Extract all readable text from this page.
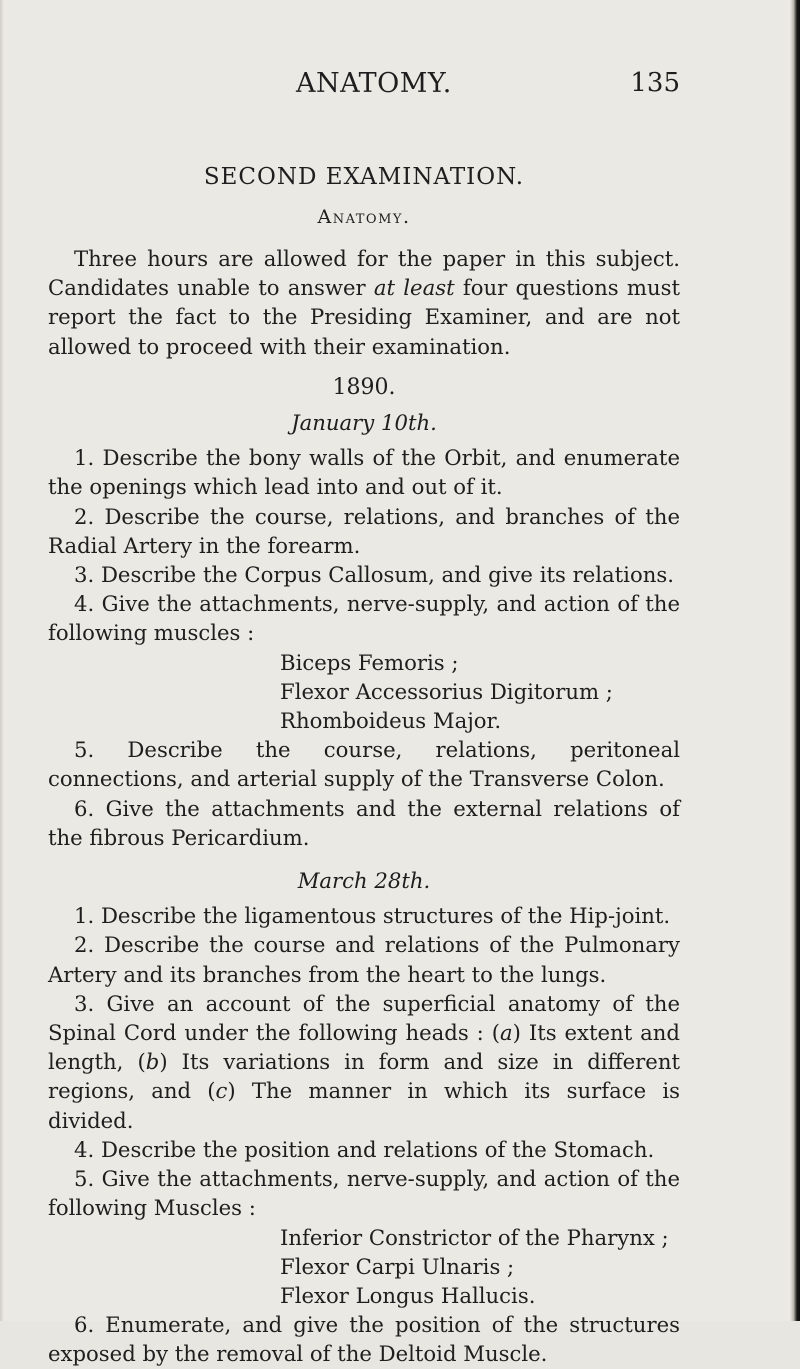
ANATOMY.	135

SECOND EXAMINATION.

Anatomy.

Three hours are allowed for the paper in this subject. Candidates unable to answer at least four questions must report the fact to the Presiding Examiner, and are not allowed to proceed with their examination.

1890.

January 10th.

1. Describe the bony walls of the Orbit, and enumerate the openings which lead into and out of it.

2. Describe the course, relations, and branches of the Radial Artery in the forearm.

3. Describe the Corpus Callosum, and give its relations.

4. Give the attachments, nerve-supply, and action of the following muscles :

Biceps Femoris ;

Flexor Accessorius Digitorum ;

Rhomboideus Major.

5. Describe the course, relations, peritoneal connections, and arterial supply of the Transverse Colon.

6. Give the attachments and the external relations of the fibrous Pericardium.

March 28th.

1. Describe the ligamentous structures of the Hip-joint.

2. Describe the course and relations of the Pulmonary Artery and its branches from the heart to the lungs.

3. Give an account of the superficial anatomy of the Spinal Cord under the following heads : (a) Its extent and length, (b) Its variations in form and size in different regions, and (c) The manner in which its surface is divided.

4. Describe the position and relations of the Stomach.

5. Give the attachments, nerve-supply, and action of the following Muscles :

Inferior Constrictor of the Pharynx ;

Flexor Carpi Ulnaris ;

Flexor Longus Hallucis.

6. Enumerate, and give the position of the structures exposed by the removal of the Deltoid Muscle.
